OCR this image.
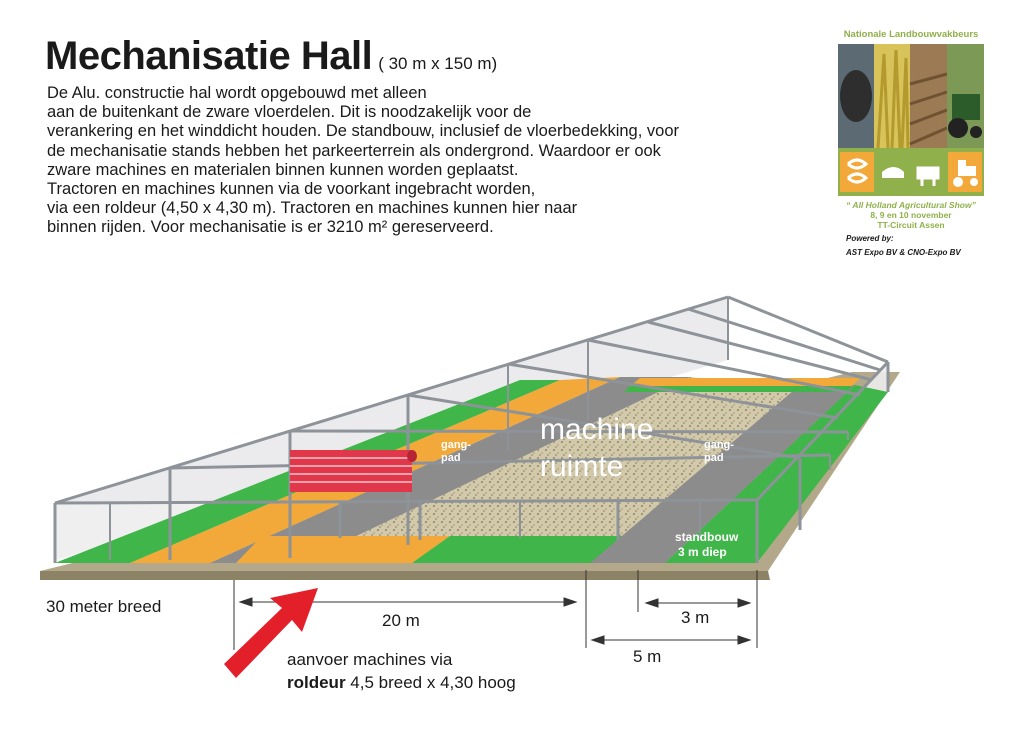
Mechanisatie Hall ( 30 m x 150 m)
De Alu. constructie hal wordt opgebouwd met alleen
aan de buitenkant de zware vloerdelen. Dit is noodzakelijk voor de
verankering en het winddicht houden. De standbouw, inclusief de vloerbedekking, voor
de mechanisatie stands hebben het parkeerterrein als ondergrond. Waardoor er ook
zware machines en materialen binnen kunnen worden geplaatst.
Tractoren en machines kunnen via de voorkant ingebracht worden,
via een roldeur (4,50 x 4,30 m). Tractoren en machines kunnen hier naar
binnen rijden. Voor mechanisatie is er 3210 m² gereserveerd.
Nationale Landbouwvakbeurs
“ All Holland Agricultural Show”
8, 9 en 10 november
TT-Circuit Assen
Powered by:
AST Expo BV & CNO-Expo BV
machine
ruimte
gang-
pad
gang-
pad
standbouw
3 m diep
30 meter breed
20 m	3 m
5 m
aanvoer machines via
roldeur 4,5 breed x 4,30 hoog
